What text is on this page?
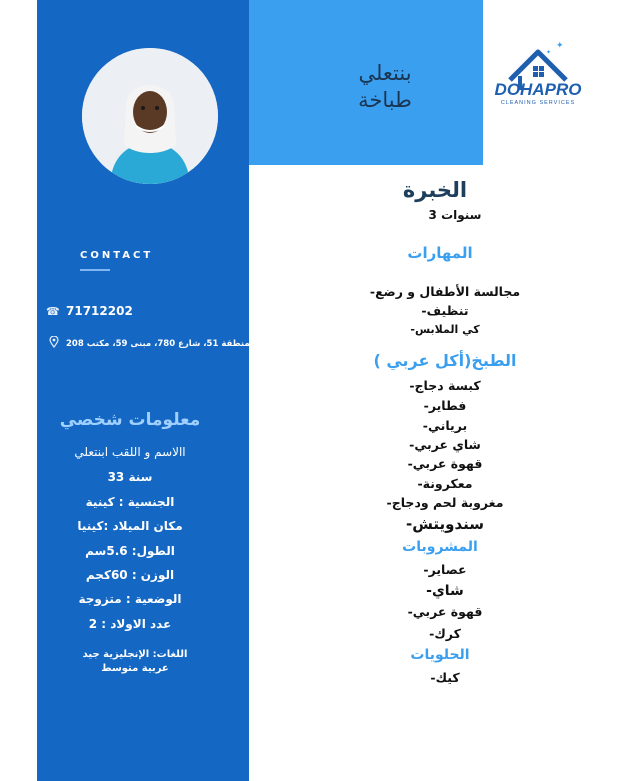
بنتعلي
طباخة
✦
✦
DOHAPRO
CLEANING SERVICES
CONTACT
☎ 71712202
المنطقة 51، شارع 780، مبنى 59، مكتب 208
معلومات شخصي
االاسم و اللقب ابنتعلي
سنة 33
الجنسية : كينية
مكان الميلاد :كينيا
الطول: 5.6سم
الوزن : 60كجم
الوضعية : متزوجة
عدد الاولاد : 2
اللغات: الإنجليزية جيد
عربية متوسط
الخبرة
3 سنوات
المهارات
-مجالسة الأطفال و رضع
-تنظيف
-كي الملابس
الطبخ(أكل عربي )
-كبسة دجاج
-فطاير
-برياني
-شاي عربي
-قهوة عربي
-معكرونة
-مغروبة لحم ودجاج
-سندويتش
المشروبات
-عصاير
-شاي
-قهوة عربي
-كرك
الحلويات
-كيك
